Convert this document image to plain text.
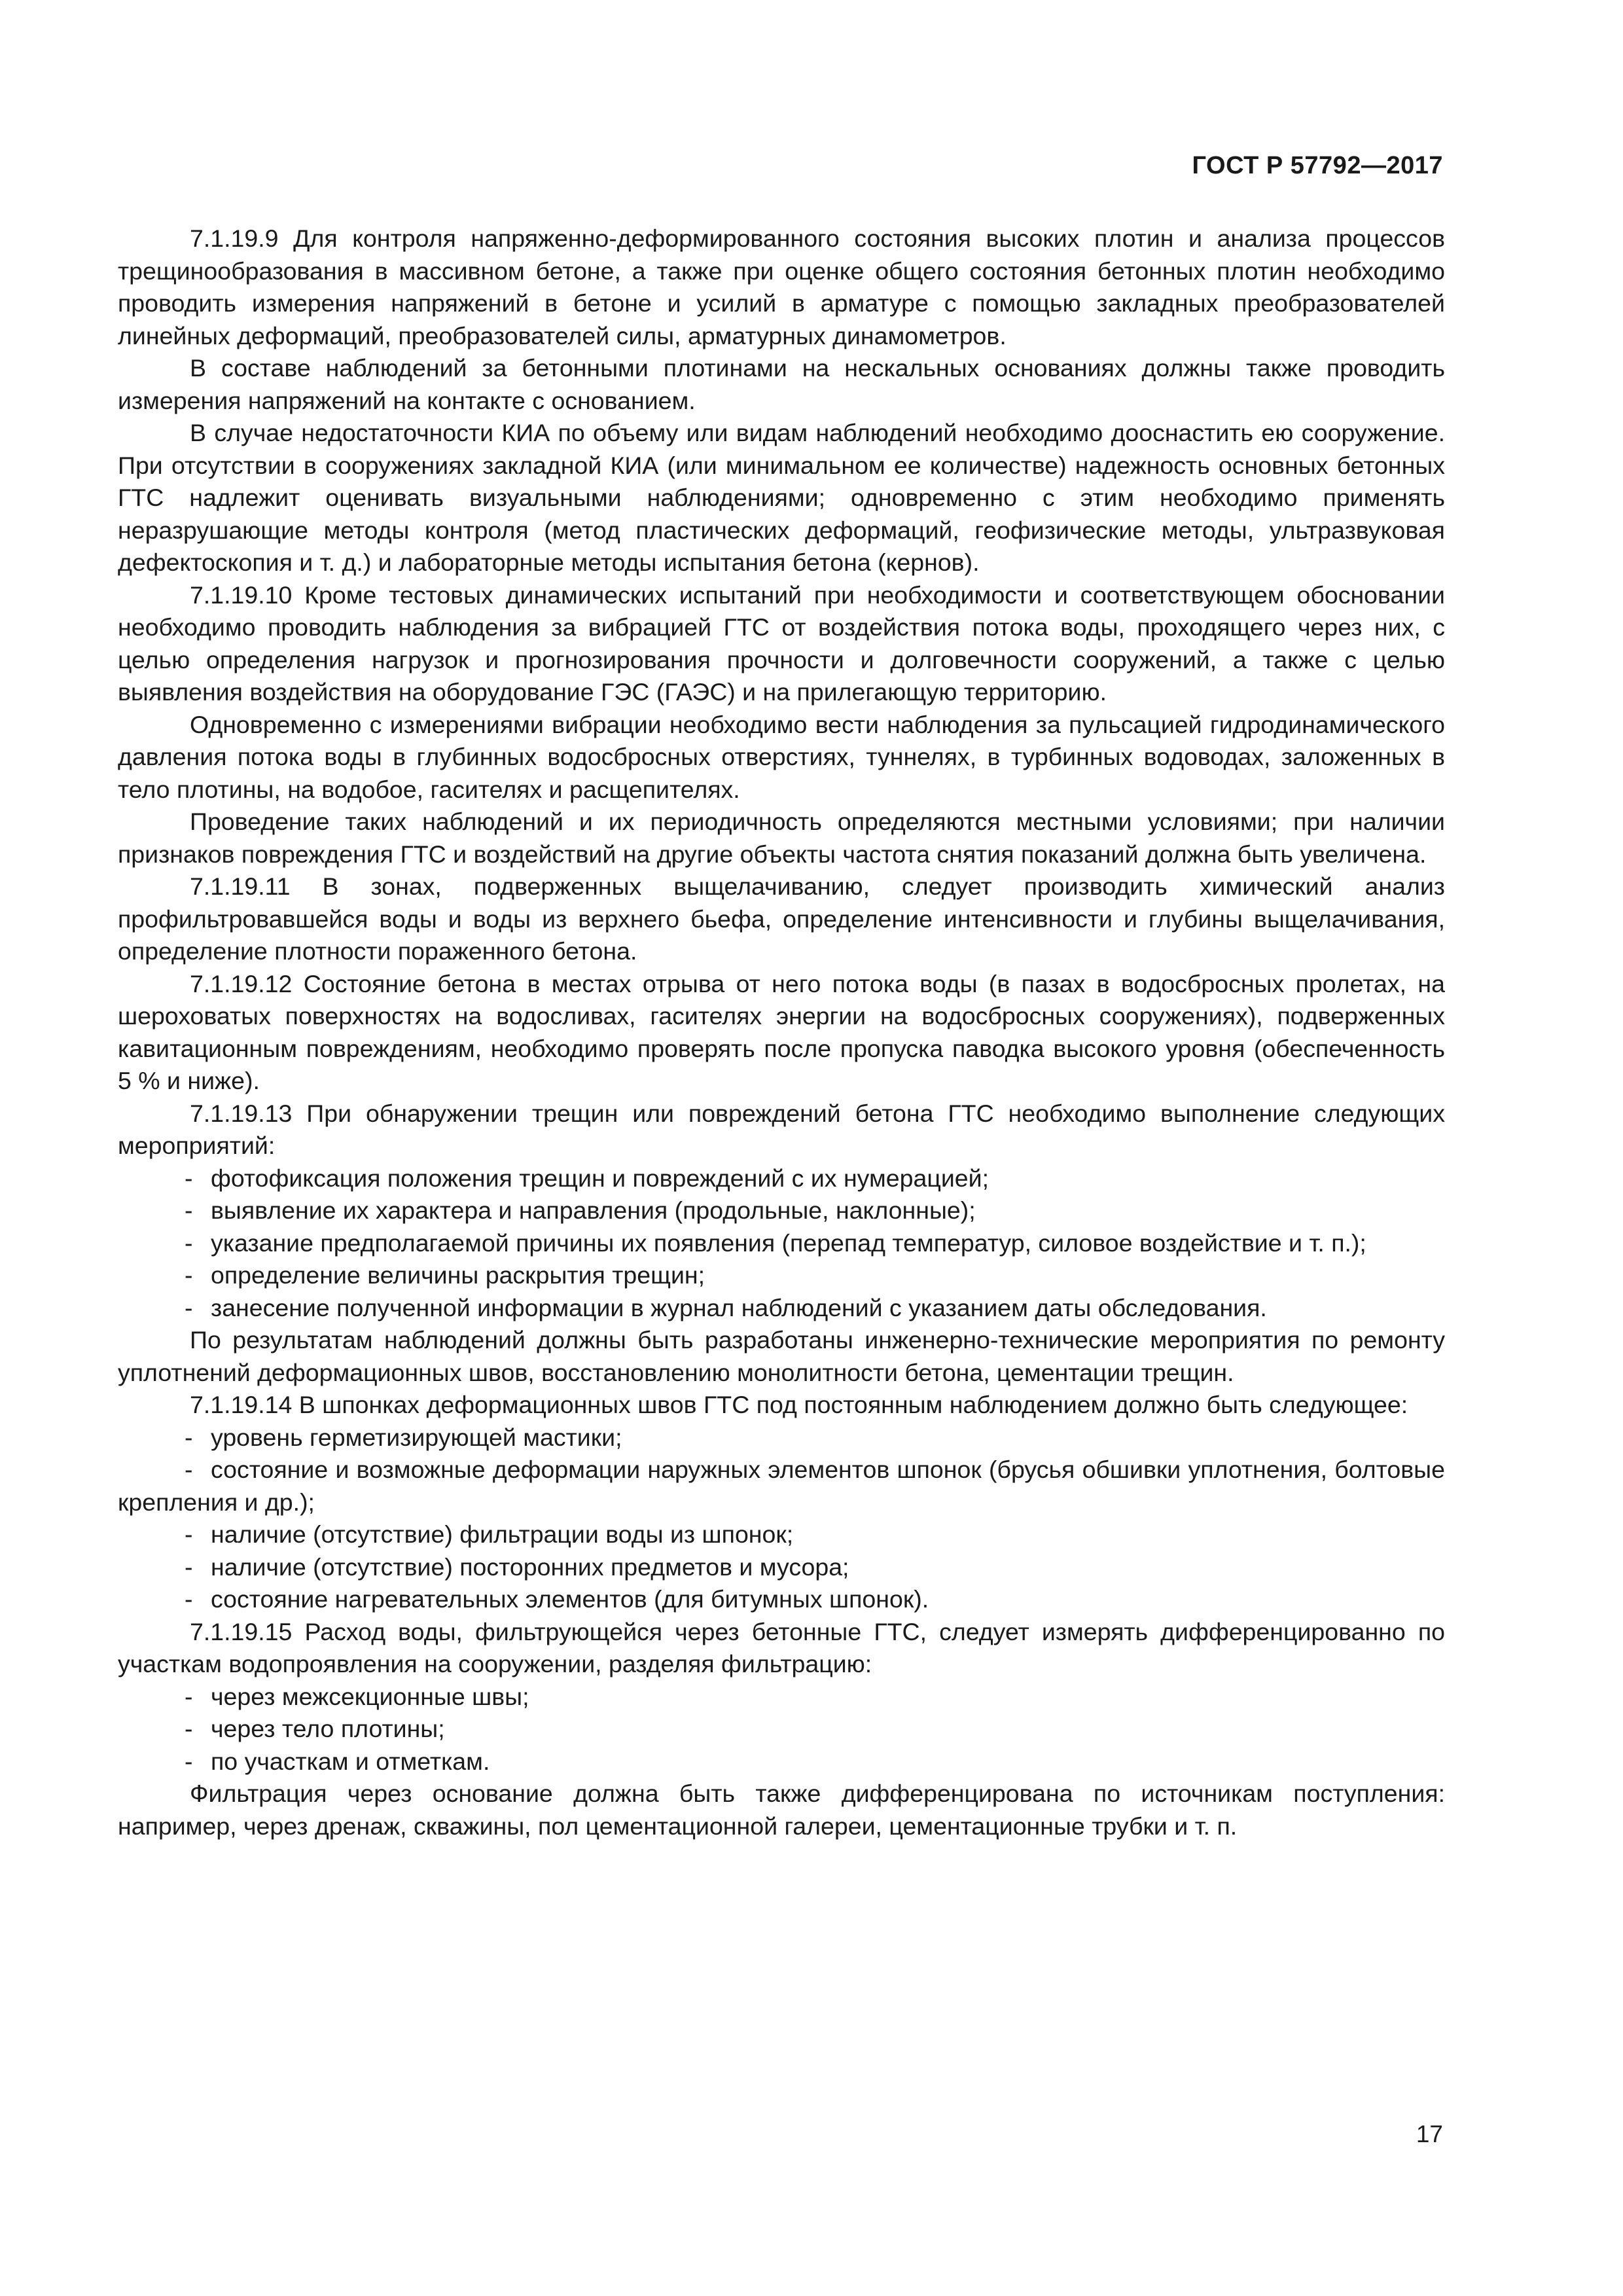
ГОСТ Р 57792—2017

7.1.19.9 Для контроля напряженно-деформированного состояния высоких плотин и анализа процессов трещинообразования в массивном бетоне, а также при оценке общего состояния бетонных плотин необходимо проводить измерения напряжений в бетоне и усилий в арматуре с помощью закладных преобразователей линейных деформаций, преобразователей силы, арматурных динамометров.

В составе наблюдений за бетонными плотинами на нескальных основаниях должны также проводить измерения напряжений на контакте с основанием.

В случае недостаточности КИА по объему или видам наблюдений необходимо дооснастить ею сооружение. При отсутствии в сооружениях закладной КИА (или минимальном ее количестве) надежность основных бетонных ГТС надлежит оценивать визуальными наблюдениями; одновременно с этим необходимо применять неразрушающие методы контроля (метод пластических деформаций, геофизические методы, ультразвуковая дефектоскопия и т. д.) и лабораторные методы испытания бетона (кернов).

7.1.19.10 Кроме тестовых динамических испытаний при необходимости и соответствующем обосновании необходимо проводить наблюдения за вибрацией ГТС от воздействия потока воды, проходящего через них, с целью определения нагрузок и прогнозирования прочности и долговечности сооружений, а также с целью выявления воздействия на оборудование ГЭС (ГАЭС) и на прилегающую территорию.

Одновременно с измерениями вибрации необходимо вести наблюдения за пульсацией гидродинамического давления потока воды в глубинных водосбросных отверстиях, туннелях, в турбинных водоводах, заложенных в тело плотины, на водобое, гасителях и расщепителях.

Проведение таких наблюдений и их периодичность определяются местными условиями; при наличии признаков повреждения ГТС и воздействий на другие объекты частота снятия показаний должна быть увеличена.

7.1.19.11 В зонах, подверженных выщелачиванию, следует производить химический анализ профильтровавшейся воды и воды из верхнего бьефа, определение интенсивности и глубины выщелачивания, определение плотности пораженного бетона.

7.1.19.12 Состояние бетона в местах отрыва от него потока воды (в пазах в водосбросных пролетах, на шероховатых поверхностях на водосливах, гасителях энергии на водосбросных сооружениях), подверженных кавитационным повреждениям, необходимо проверять после пропуска паводка высокого уровня (обеспеченность 5 % и ниже).

7.1.19.13 При обнаружении трещин или повреждений бетона ГТС необходимо выполнение следующих мероприятий:

- фотофиксация положения трещин и повреждений с их нумерацией;

- выявление их характера и направления (продольные, наклонные);

- указание предполагаемой причины их появления (перепад температур, силовое воздействие и т. п.);

- определение величины раскрытия трещин;

- занесение полученной информации в журнал наблюдений с указанием даты обследования.

По результатам наблюдений должны быть разработаны инженерно-технические мероприятия по ремонту уплотнений деформационных швов, восстановлению монолитности бетона, цементации трещин.

7.1.19.14 В шпонках деформационных швов ГТС под постоянным наблюдением должно быть следующее:

- уровень герметизирующей мастики;

- состояние и возможные деформации наружных элементов шпонок (брусья обшивки уплотнения, болтовые крепления и др.);

- наличие (отсутствие) фильтрации воды из шпонок;

- наличие (отсутствие) посторонних предметов и мусора;

- состояние нагревательных элементов (для битумных шпонок).

7.1.19.15 Расход воды, фильтрующейся через бетонные ГТС, следует измерять дифференцированно по участкам водопроявления на сооружении, разделяя фильтрацию:

- через межсекционные швы;

- через тело плотины;

- по участкам и отметкам.

Фильтрация через основание должна быть также дифференцирована по источникам поступления: например, через дренаж, скважины, пол цементационной галереи, цементационные трубки и т. п.

17
